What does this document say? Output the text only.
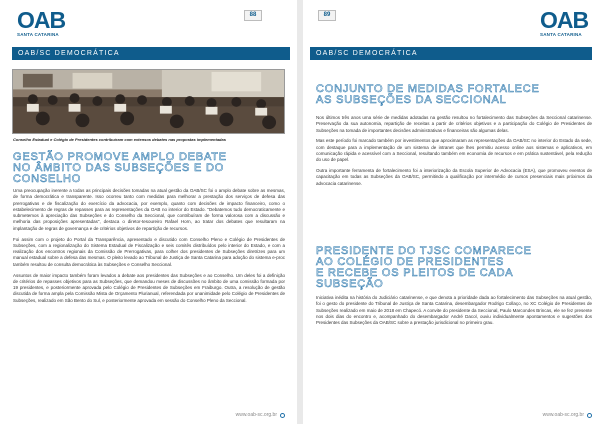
OAB
SANTA CATARINA
88
OAB/SC DEMOCRÁTICA
Conselho Estadual e Colégio de Presidentes contribuíram com extensos debates nas propostas implementadas
GESTÃO PROMOVE AMPLO DEBATE
NO ÂMBITO DAS SUBSEÇÕES E DO
CONSELHO

Uma preocupação inerente a todas as principais decisões tomadas na atual gestão da OAB/SC foi o amplo debate sobre as mesmas, de forma democrática e transparente. Isso ocorreu tanto com medidas para melhorar a prestação dos serviços de defesa das prerrogativas e de fiscalização do exercício da advocacia, por exemplo, quanto com decisões de impacto financeiro, como o estabelecimento de regras de repasses para as representações da OAB no interior do Estado. "Debatemos tudo democraticamente e submetemos à apreciação das Subseções e do Conselho da Seccional, que contribuíram de forma valorosa com a discussão e melhoria das proposições apresentadas", destaca o diretor-tesoureiro Rafael Horn, ao tratar dos debates que resultaram na implantação de regras de governança e de critérios objetivos de repartição de recursos.

Foi assim com o projeto do Portal da Transparência, apresentado e discutido com Conselho Pleno e Colégio de Presidentes de Subseções, com a regionalização do Sistema Estadual de Fiscalização e seis comitês distribuídos pelo interior do Estado, e com a realização dos encontros regionais da Comissão de Prerrogativas, para colher dos presidentes de Subseções diretrizes para um manual estadual sobre a defesa das mesmas. O pleito levado ao Tribunal de Justiça de Santa Catarina para adoção do sistema e-proc também resultou de consulta democrática às Subseções e Conselho Seccional.

Assuntos de maior impacto também foram levados a debate aos presidentes das Subseções e ao Conselho. Um deles foi a definição de critérios de repasses objetivos para as Subseções, que demandou meses de discussões no âmbito de uma comissão formada por 19 presidentes, e posteriormente aprovada pelo Colégio de Presidentes de Subseções em Fraiburgo. Outra, a resolução de gestão discutida de forma ampla pela Comissão Mista de Orçamento Plurianual, referendada por unanimidade pelo Colégio de Presidentes de Subseções, realizado em São Bento do Sul, e posteriormente aprovada em sessão do Conselho Pleno da Seccional.

www.oab-sc.org.br
89	OAB
SANTA CATARINA
OAB/SC DEMOCRÁTICA
CONJUNTO DE MEDIDAS FORTALECE
AS SUBSEÇÕES DA SECCIONAL

Nos últimos três anos uma série de medidas adotadas na gestão resultou no fortalecimento das Subseções da Seccional catarinense. Preservação da sua autonomia, repartição de receitas a partir de critérios objetivos e a participação do Colégio de Presidentes de Subseções na tomada de importantes decisões administrativas e financeiras são algumas delas.

Mas este período foi marcado também por investimentos que aproximaram as representações da OAB/SC no interior do Estado da sede, com destaque para a implementação de um sistema de intranet que lhes permitiu acesso online aos sistemas e aplicativos, em comunicação rápida e acessível com a Seccional, resultando também em economia de recursos e em prática sustentável, pela redução do uso de papel.

Outra importante ferramenta de fortalecimento foi a interiorização da Escola Superior de Advocacia (ESA), que promoveu eventos de capacitação em todas as Subseções da OAB/SC, permitindo a qualificação por intermédio de cursos presenciais mais próximos da advocacia catarinense.

PRESIDENTE DO TJSC COMPARECE
AO COLÉGIO DE PRESIDENTES
E RECEBE OS PLEITOS DE CADA
SUBSEÇÃO

Iniciativa inédita na história do Judiciário catarinense, e que denota a prioridade dada ao fortalecimento das Subseções na atual gestão, foi o gesto do presidente do Tribunal de Justiça de Santa Catarina, desembargador Rodrigo Collaço, no XC Colégio de Presidentes de Subseções realizado em maio de 2018 em Chapecó. A convite do presidente da Seccional, Paulo Marcondes Brincas, ele se fez presente nos dois dias do encontro e, acompanhado do desembargador André Dacol, ouviu individualmente apontamentos e sugestões dos Presidentes das Subseções da OAB/SC sobre a prestação jurisdicional no primeiro grau.

www.oab-sc.org.br
